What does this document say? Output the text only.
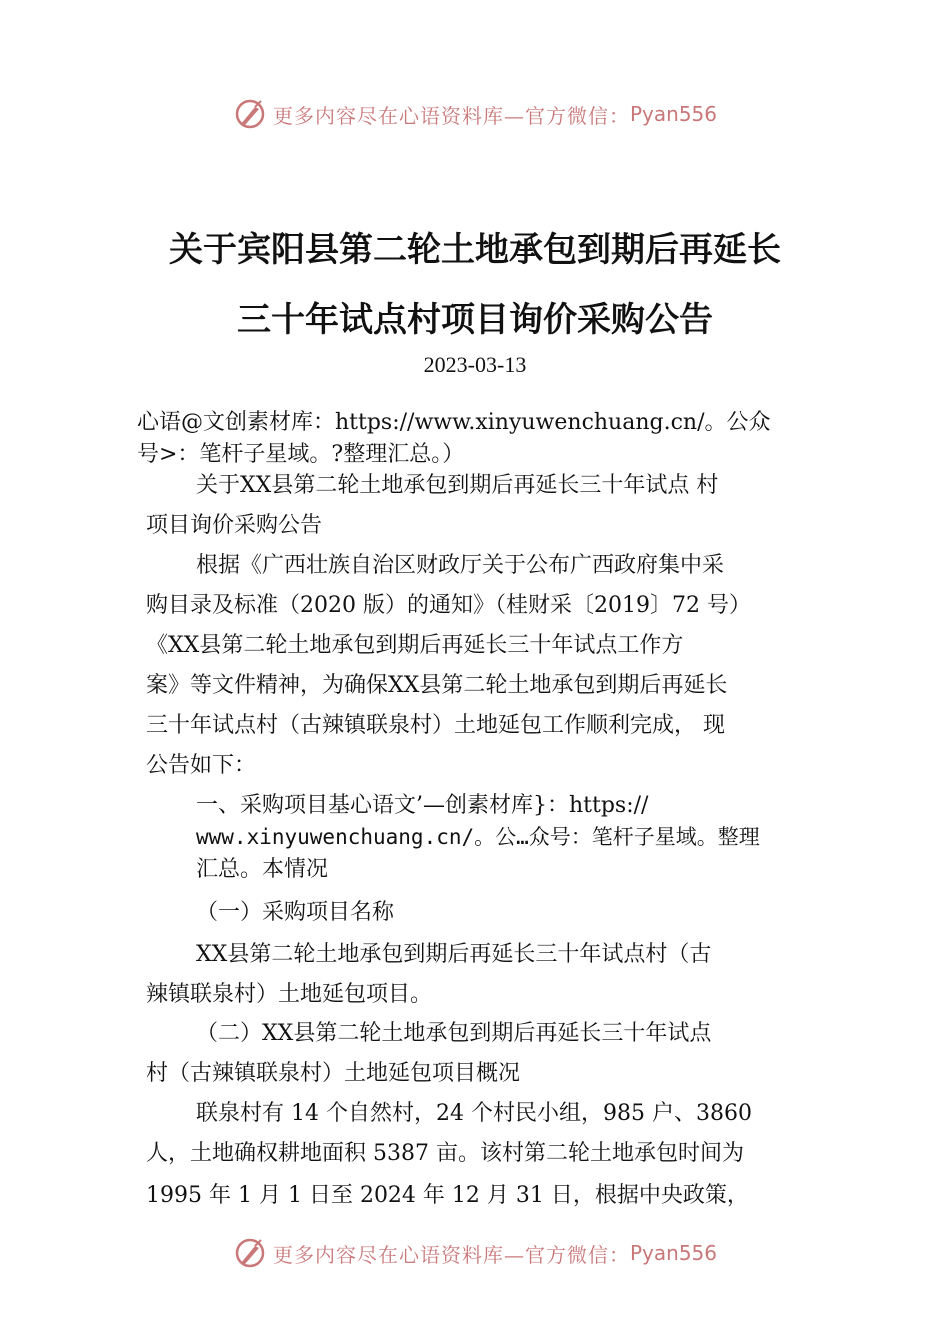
更多内容尽在心语资料库—官方微信： Pyan556
关于宾阳县第二轮土地承包到期后再延长
三十年试点村项目询价采购公告
2023-03-13
心语@文创素材库：https://www.xinyuwenchuang.cn/。公众
号>：笔杆子星域。?整理汇总。）
关于XX县第二轮土地承包到期后再延长三十年试点 村
项目询价采购公告
根据《广西壮族自治区财政厅关于公布广西政府集中采
购目录及标准（2020 版）的通知》（桂财采〔2019〕72 号）
《XX县第二轮土地承包到期后再延长三十年试点工作方
案》等文件精神，为确保XX县第二轮土地承包到期后再延长
三十年试点村（古辣镇联泉村）土地延包工作顺利完成， 现
公告如下：
一、采购项目基心语文’—创素材库}：https://
www.xinyuwenchuang.cn/。公…众号：笔杆子星域。整理
汇总。本情况
（一）采购项目名称
XX县第二轮土地承包到期后再延长三十年试点村（古
辣镇联泉村）土地延包项目。
（二）XX县第二轮土地承包到期后再延长三十年试点
村（古辣镇联泉村）土地延包项目概况
联泉村有 14 个自然村，24 个村民小组，985 户、3860
人，土地确权耕地面积 5387 亩。该村第二轮土地承包时间为
1995 年 1 月 1 日至 2024 年 12 月 31 日，根据中央政策，
更多内容尽在心语资料库—官方微信： Pyan556
